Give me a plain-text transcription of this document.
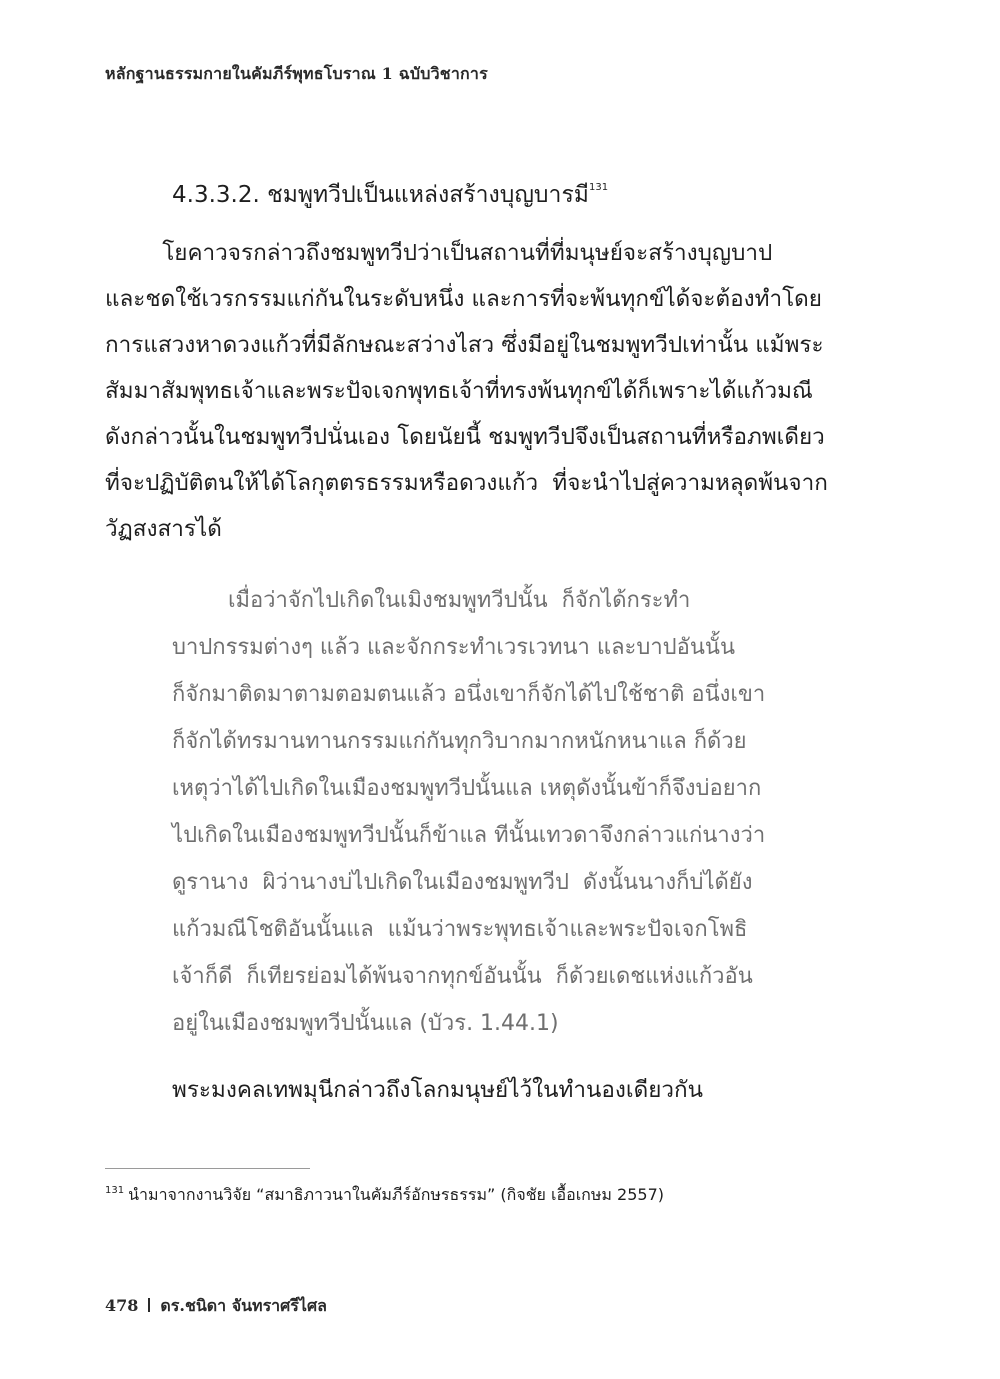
หลักฐานธรรมกายในคัมภีร์พุทธโบราณ 1 ฉบับวิชาการ
4.3.3.2. ชมพูทวีปเป็นแหล่งสร้างบุญบารมี$^{131}$
โยคาวจรกล่าวถึงชมพูทวีปว่าเป็นสถานที่ที่มนุษย์จะสร้างบุญบาป
และชดใช้เวรกรรมแก่กันในระดับหนึ่ง และการที่จะพ้นทุกข์ได้จะต้องทำโดย
การแสวงหาดวงแก้วที่มีลักษณะสว่างไสว ซึ่งมีอยู่ในชมพูทวีปเท่านั้น แม้พระ
สัมมาสัมพุทธเจ้าและพระปัจเจกพุทธเจ้าที่ทรงพ้นทุกข์ได้ก็เพราะได้แก้วมณี
ดังกล่าวนั้นในชมพูทวีปนั่นเอง โดยนัยนี้ ชมพูทวีปจึงเป็นสถานที่หรือภพเดียว
ที่จะปฏิบัติตนให้ได้โลกุตตรธรรมหรือดวงแก้ว  ที่จะนำไปสู่ความหลุดพ้นจาก
วัฏสงสารได้
เมื่อว่าจักไปเกิดในเมิงชมพูทวีปนั้น  ก็จักได้กระทำ
บาปกรรมต่างๆ แล้ว และจักกระทำเวรเวทนา และบาปอันนั้น
ก็จักมาติดมาตามตอมตนแล้ว อนึ่งเขาก็จักได้ไปใช้ชาติ อนึ่งเขา
ก็จักได้ทรมานทานกรรมแก่กันทุกวิบากมากหนักหนาแล ก็ด้วย
เหตุว่าได้ไปเกิดในเมืองชมพูทวีปนั้นแล เหตุดังนั้นข้าก็จึงบ่อยาก
ไปเกิดในเมืองชมพูทวีปนั้นก็ข้าแล ทีนั้นเทวดาจึงกล่าวแก่นางว่า
ดูรานาง  ผิว่านางบ่ไปเกิดในเมืองชมพูทวีป  ดังนั้นนางก็บ่ได้ยัง
แก้วมณีโชติอันนั้นแล  แม้นว่าพระพุทธเจ้าและพระปัจเจกโพธิ
เจ้าก็ดี  ก็เทียรย่อมได้พ้นจากทุกข์อันนั้น  ก็ด้วยเดชแห่งแก้วอัน
อยู่ในเมืองชมพูทวีปนั้นแล (บัวร. 1.44.1)
พระมงคลเทพมุนีกล่าวถึงโลกมนุษย์ไว้ในทำนองเดียวกัน
$^{131}$ นำมาจากงานวิจัย “สมาธิภาวนาในคัมภีร์อักษรธรรม” (กิจชัย เอื้อเกษม 2557)
478 ดร.ชนิดา จันทราศรีไศล
